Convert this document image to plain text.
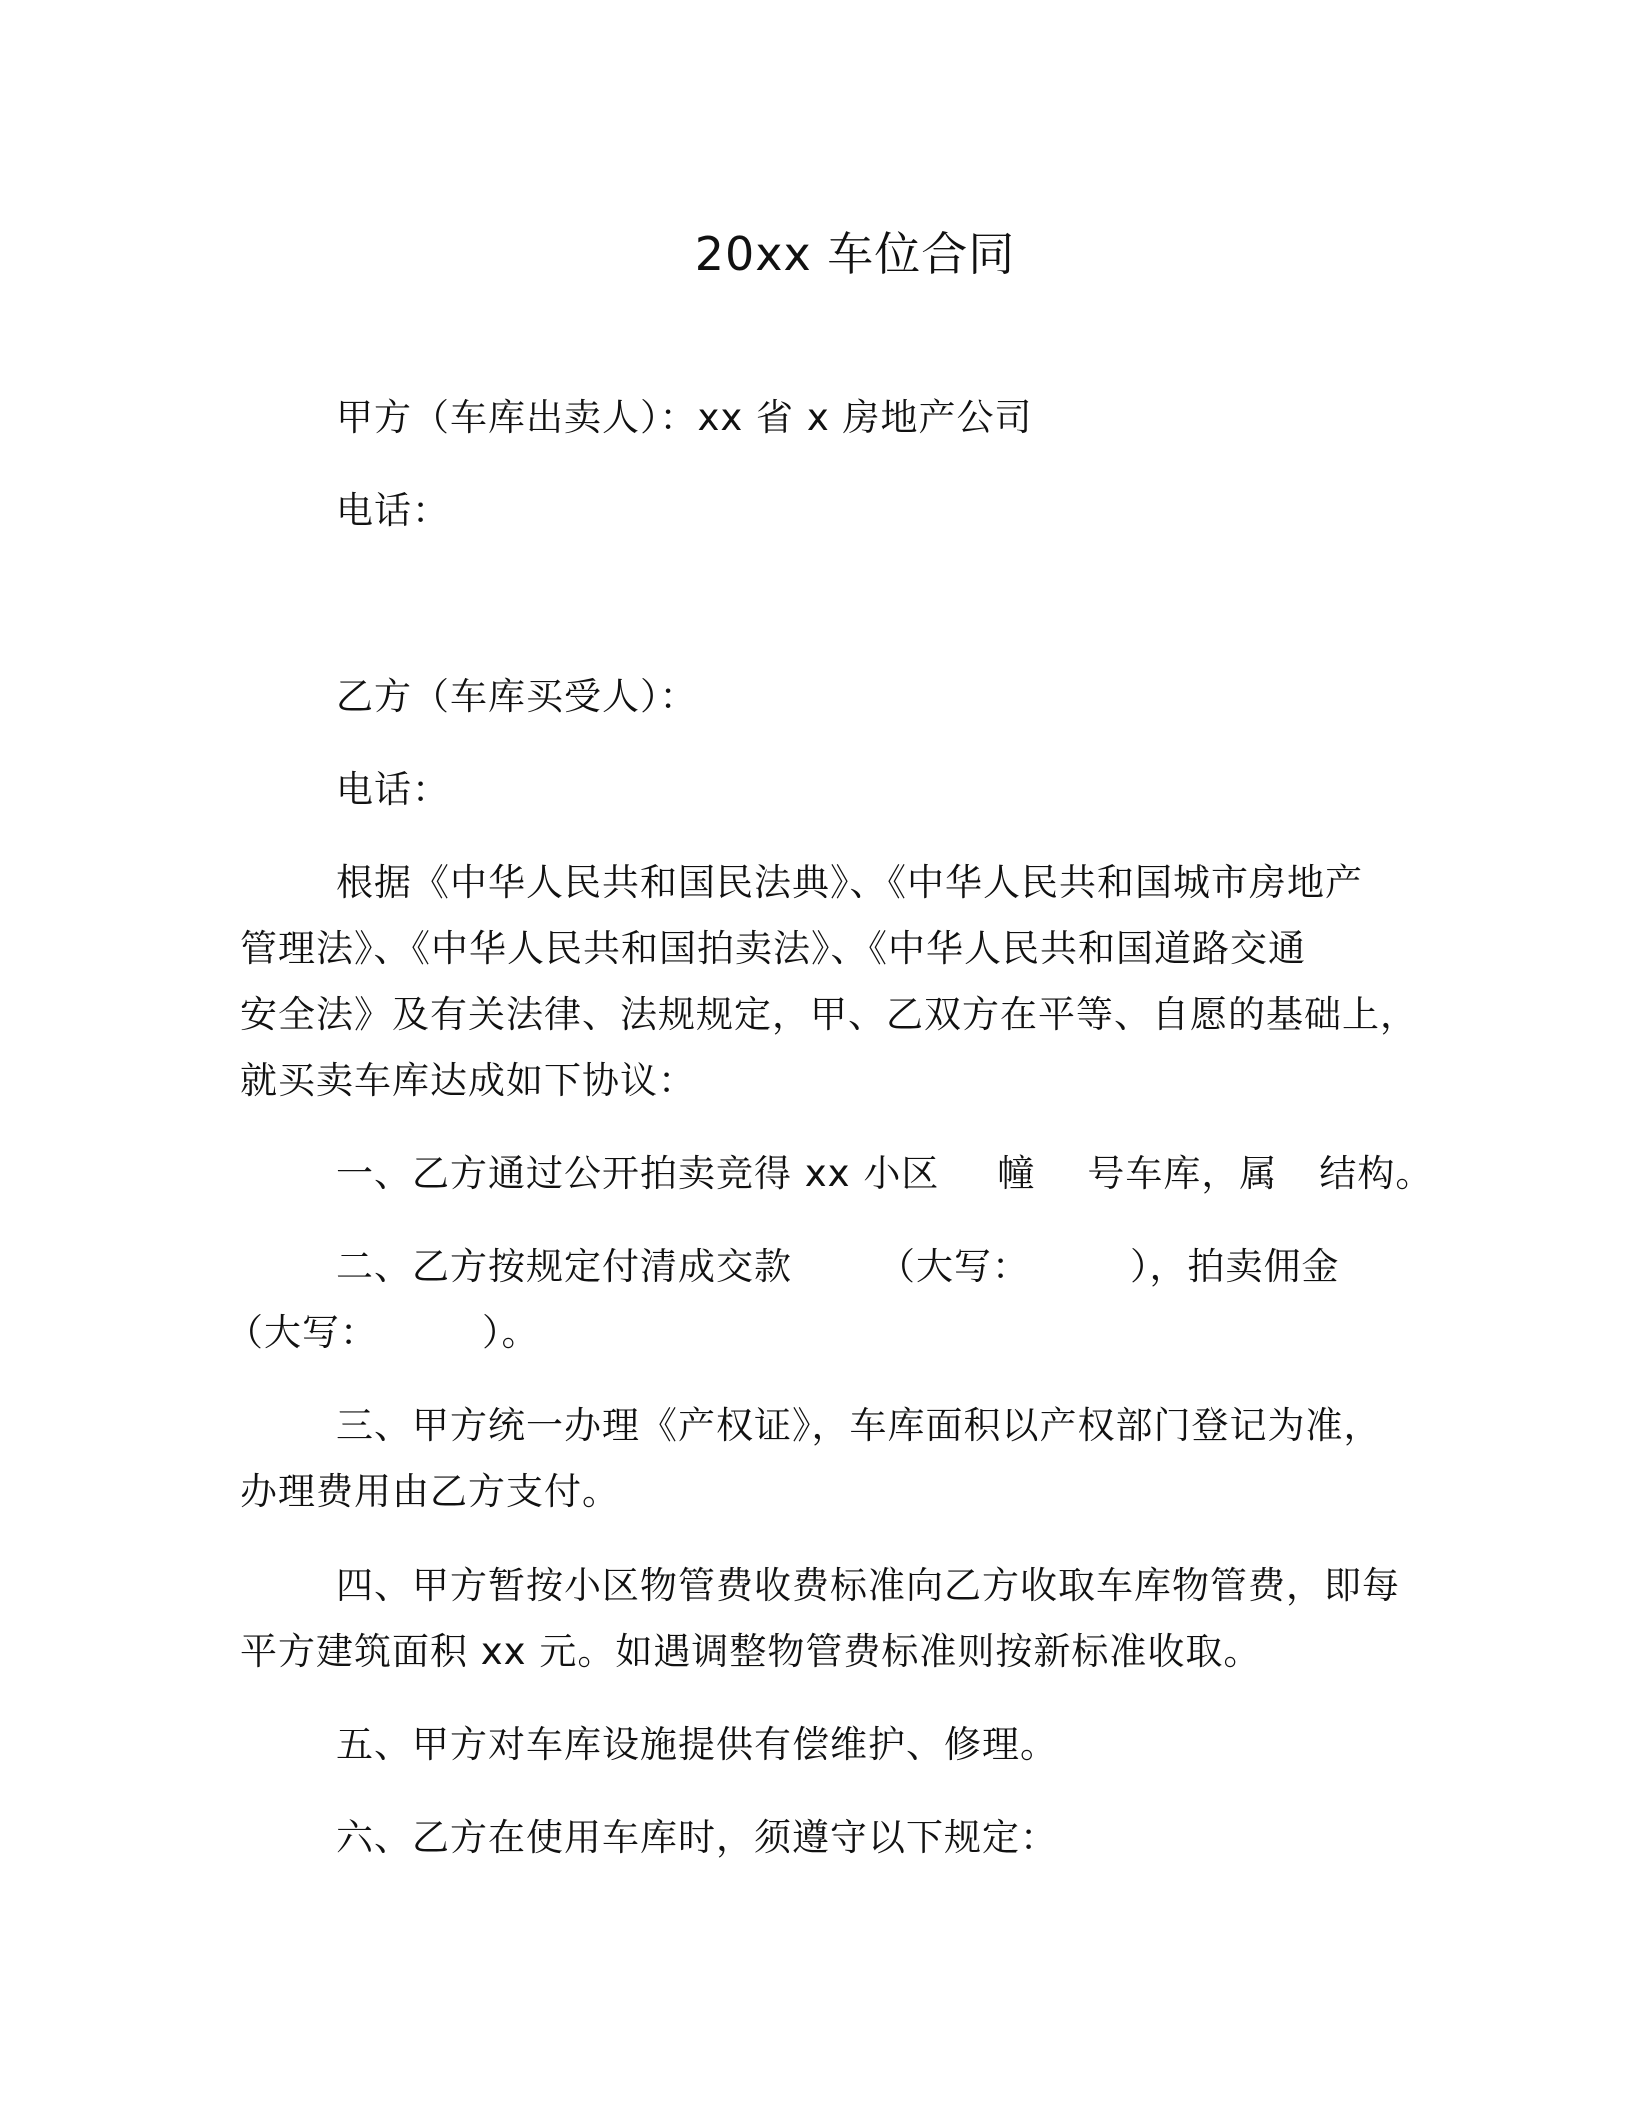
20xx 车位合同
甲方（车库出卖人）：xx 省 x 房地产公司
电话：
乙方（车库买受人）：
电话：
根据《中华人民共和国民法典》、《中华人民共和国城市房地产
管理法》、《中华人民共和国拍卖法》、《中华人民共和国道路交通
安全法》及有关法律、法规规定，甲、乙双方在平等、自愿的基础上，
就买卖车库达成如下协议：
一、乙方通过公开拍卖竞得 xx 小区 幢 号车库，属 结构。
二、乙方按规定付清成交款 （大写：	），拍卖佣金
（大写：	）。
三、甲方统一办理《产权证》，车库面积以产权部门登记为准，
办理费用由乙方支付。
四、甲方暂按小区物管费收费标准向乙方收取车库物管费，即每
平方建筑面积 xx 元。如遇调整物管费标准则按新标准收取。
五、甲方对车库设施提供有偿维护、修理。
六、乙方在使用车库时，须遵守以下规定：
